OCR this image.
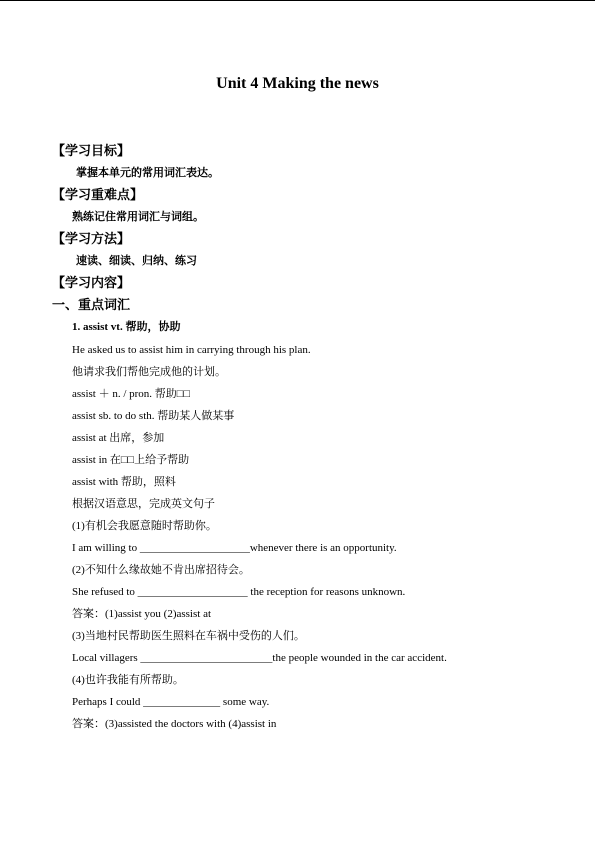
Unit 4 Making the news
【学习目标】
掌握本单元的常用词汇表达。
【学习重难点】
熟练记住常用词汇与词组。
【学习方法】
速读、细读、归纳、练习
【学习内容】
一、重点词汇
1. assist vt. 帮助，协助
He asked us to assist him in carrying through his plan.
他请求我们帮他完成他的计划。
assist ＋ n. / pron. 帮助□□
assist sb. to do sth. 帮助某人做某事
assist at 出席，参加
assist in 在□□上给予帮助
assist with 帮助，照料
根据汉语意思，完成英文句子
(1)有机会我愿意随时帮助你。
I am willing to ____________________whenever there is an opportunity.
(2)不知什么缘故她不肯出席招待会。
She refused to ____________________ the reception for reasons unknown.
答案：(1)assist you (2)assist at
(3)当地村民帮助医生照料在车祸中受伤的人们。
Local villagers ________________________the people wounded in the car accident.
(4)也许我能有所帮助。
Perhaps I could ______________ some way.
答案：(3)assisted the doctors with (4)assist in
